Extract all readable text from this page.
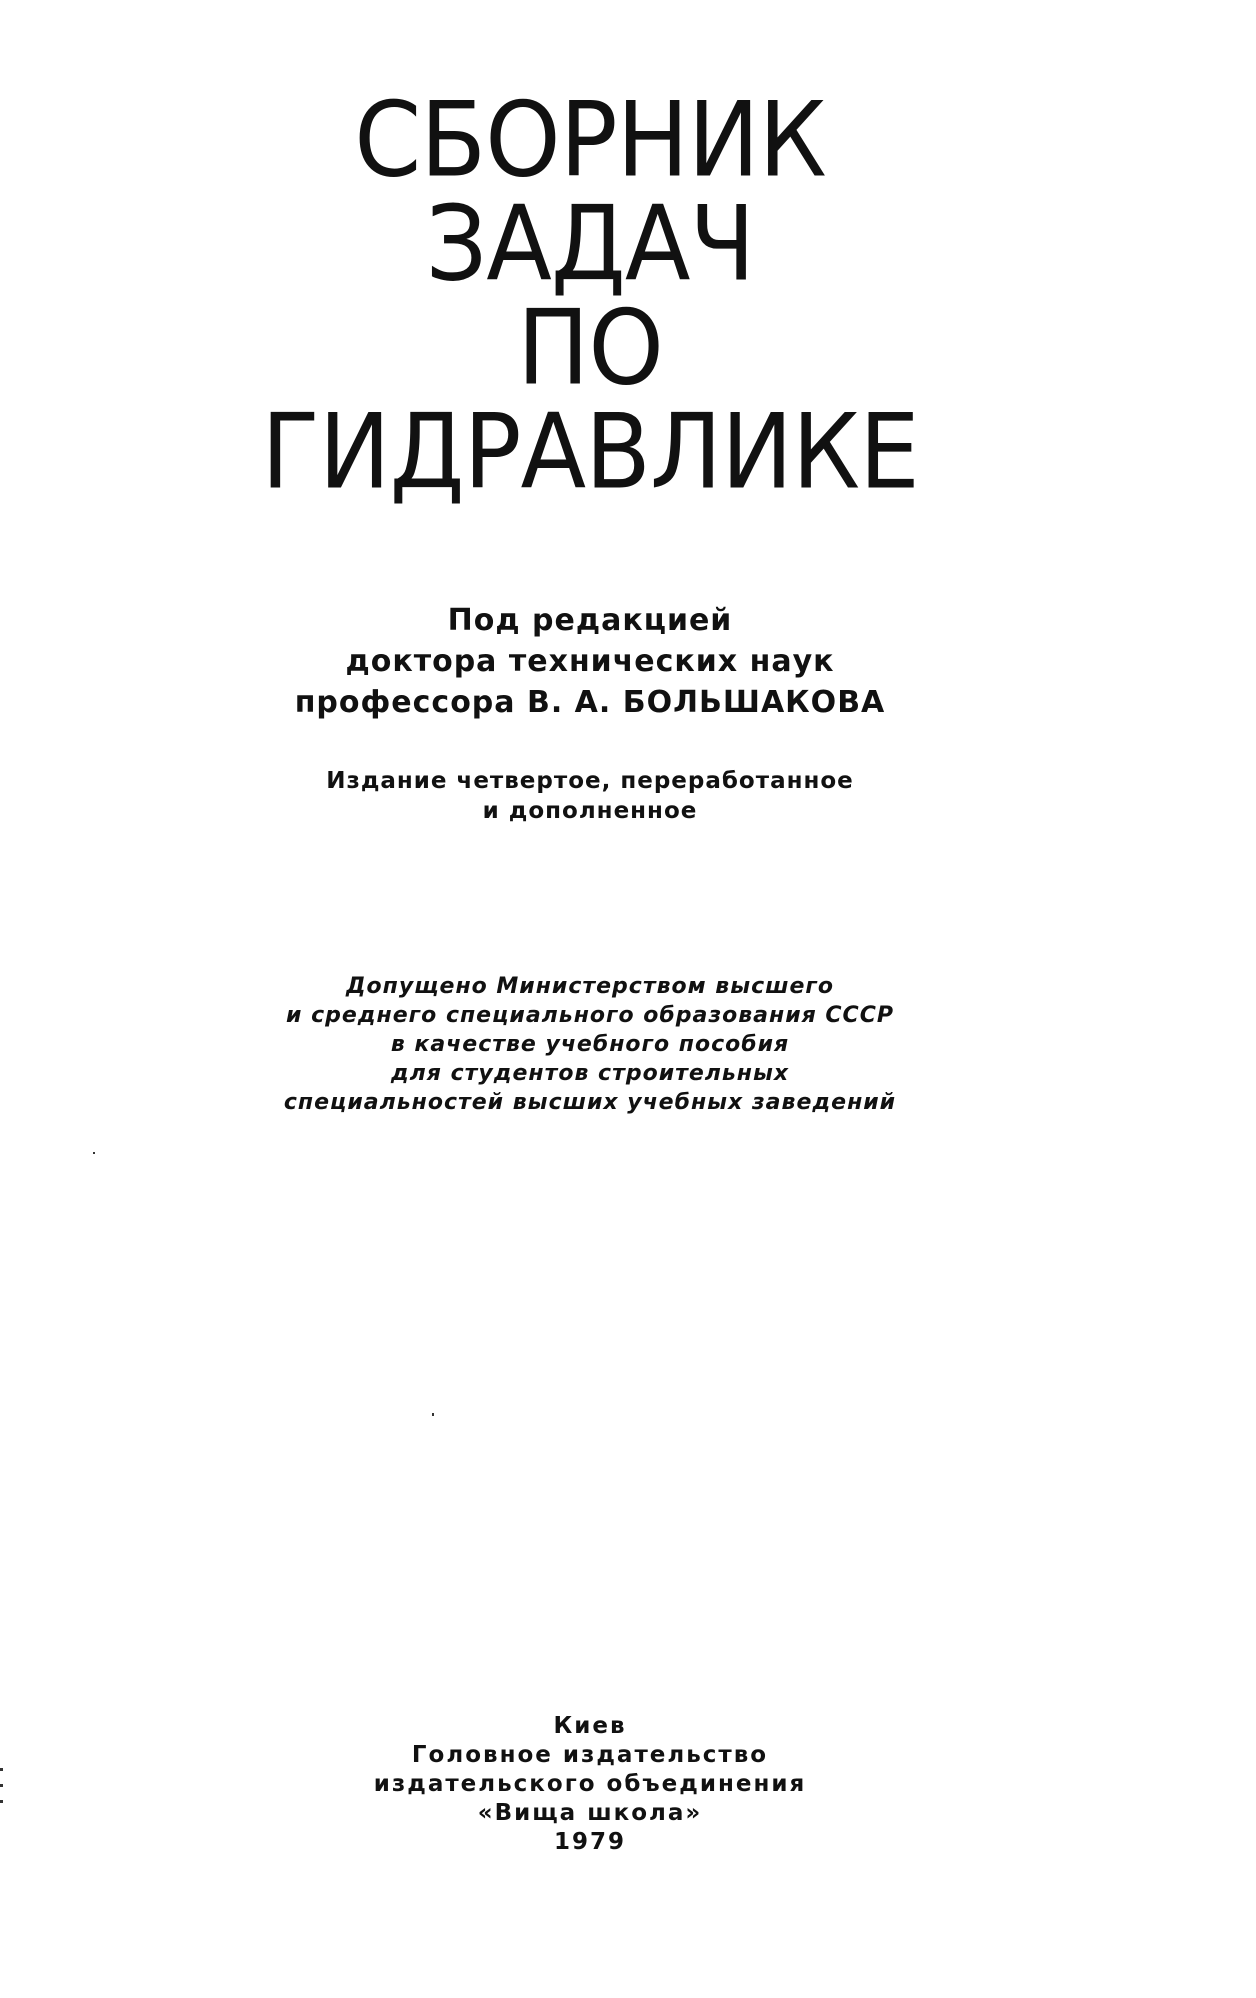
СБОРНИК
ЗАДАЧ
ПО
ГИДРАВЛИКЕ
Под редакцией
доктора технических наук
профессора В. А. БОЛЬШАКОВА
Издание четвертое, переработанное
и дополненное
Допущено Министерством высшего
и среднего специального образования СССР
в качестве учебного пособия
для студентов строительных
специальностей высших учебных заведений
Киев
Головное издательство
издательского объединения
«Вища школа»
1979
